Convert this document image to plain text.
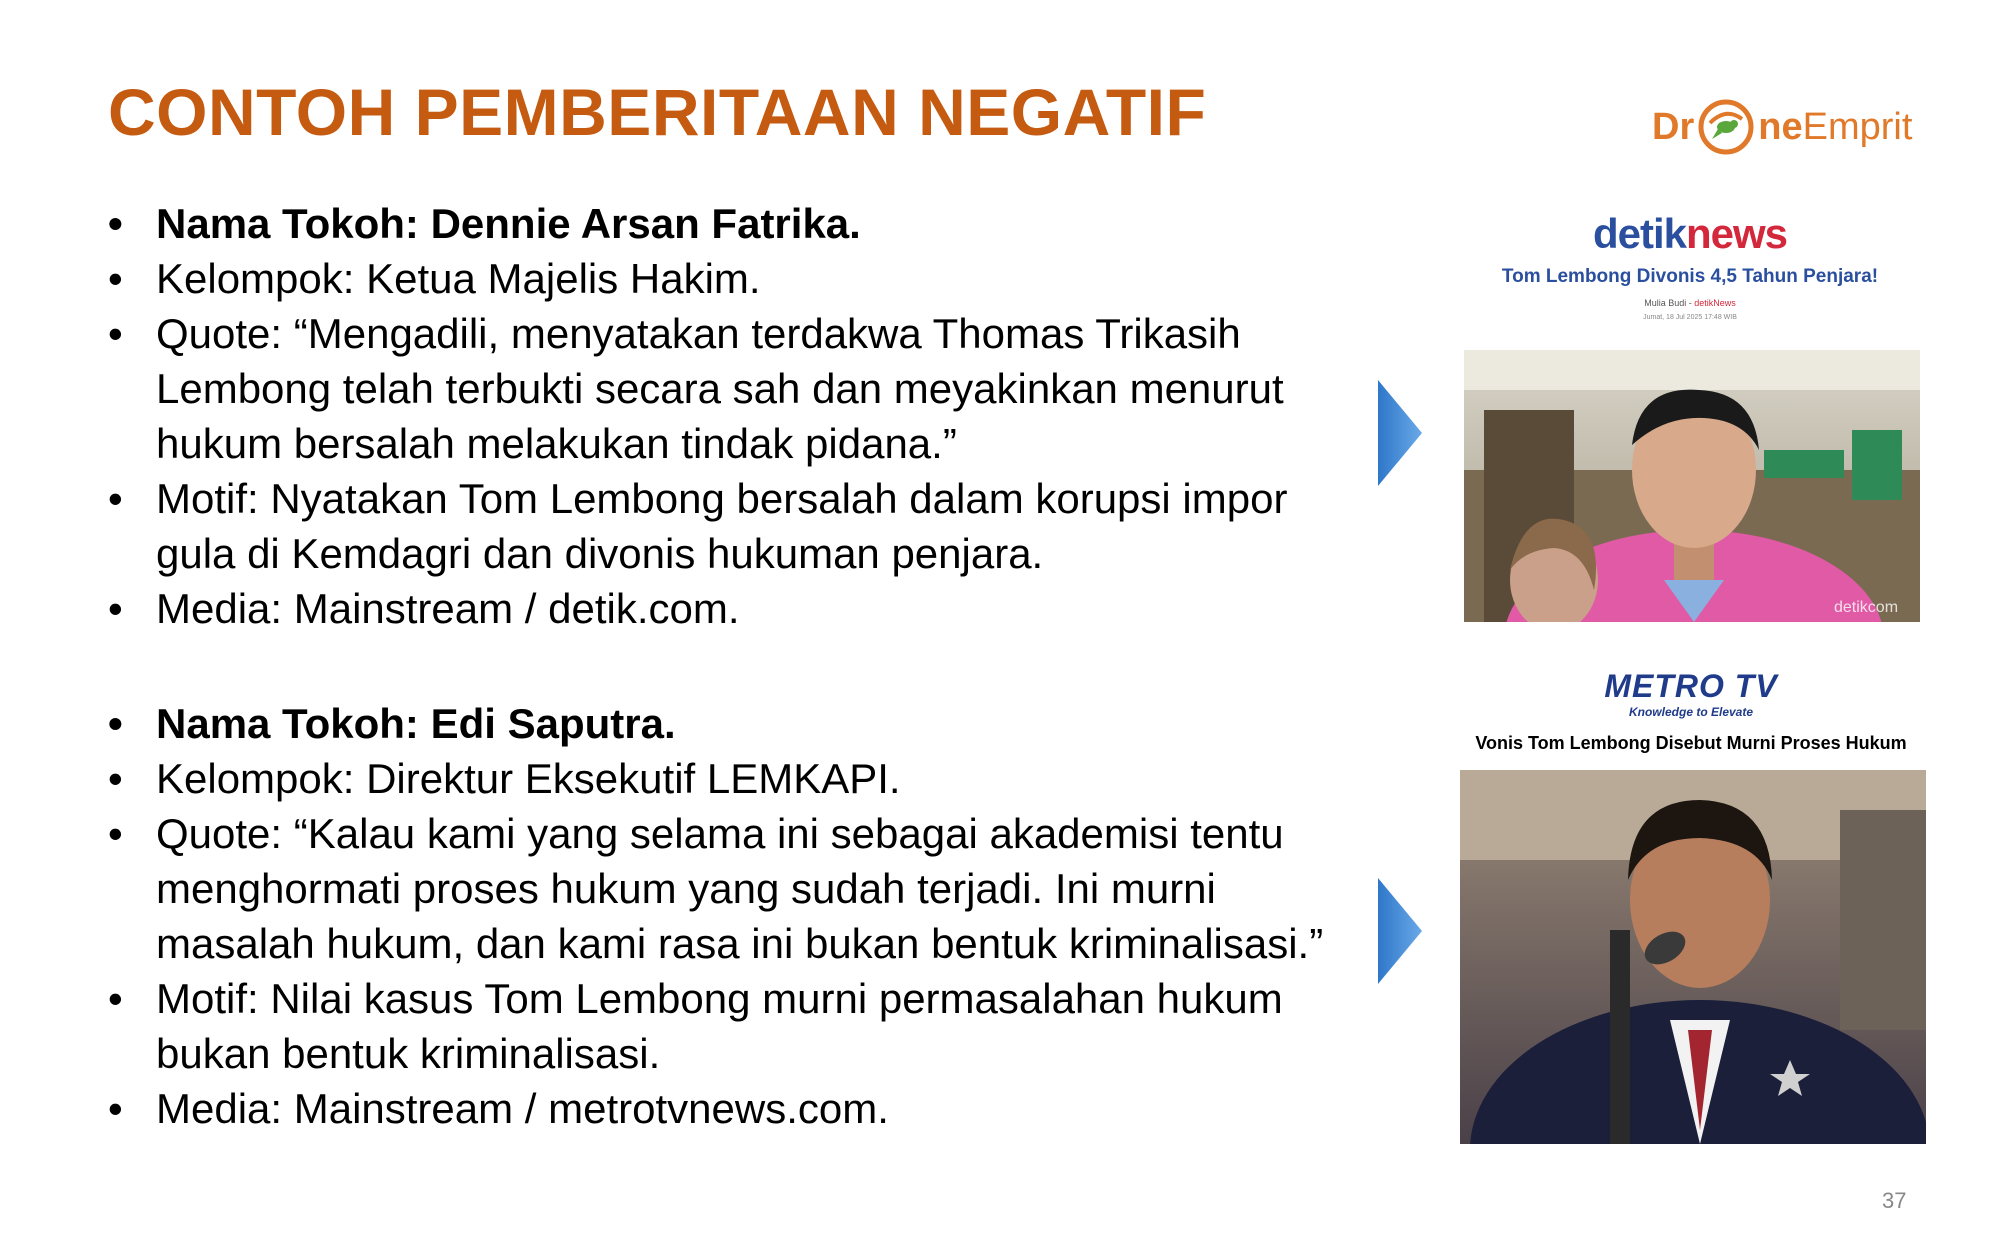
CONTOH PEMBERITAAN NEGATIF	Dr ne Emprit
• Nama Tokoh: Dennie Arsan Fatrika.
• Kelompok: Ketua Majelis Hakim.
• Quote: “Mengadili, menyatakan terdakwa Thomas Trikasih Lembong telah terbukti secara sah dan meyakinkan menurut hukum bersalah melakukan tindak pidana.”
• Motif: Nyatakan Tom Lembong bersalah dalam korupsi impor gula di Kemdagri dan divonis hukuman penjara.
• Media: Mainstream / detik.com.
• Nama Tokoh: Edi Saputra.
• Kelompok: Direktur Eksekutif LEMKAPI.
• Quote: “Kalau kami yang selama ini sebagai akademisi tentu menghormati proses hukum yang sudah terjadi. Ini murni masalah hukum, dan kami rasa ini bukan bentuk kriminalisasi.”
• Motif: Nilai kasus Tom Lembong murni permasalahan hukum bukan bentuk kriminalisasi.
• Media: Mainstream / metrotvnews.com.
detiknews
Tom Lembong Divonis 4,5 Tahun Penjara!
Mulia Budi - detikNews
Jumat, 18 Jul 2025 17:48 WIB
detikcom
METRO TV
Knowledge to Elevate
Vonis Tom Lembong Disebut Murni Proses Hukum
37
